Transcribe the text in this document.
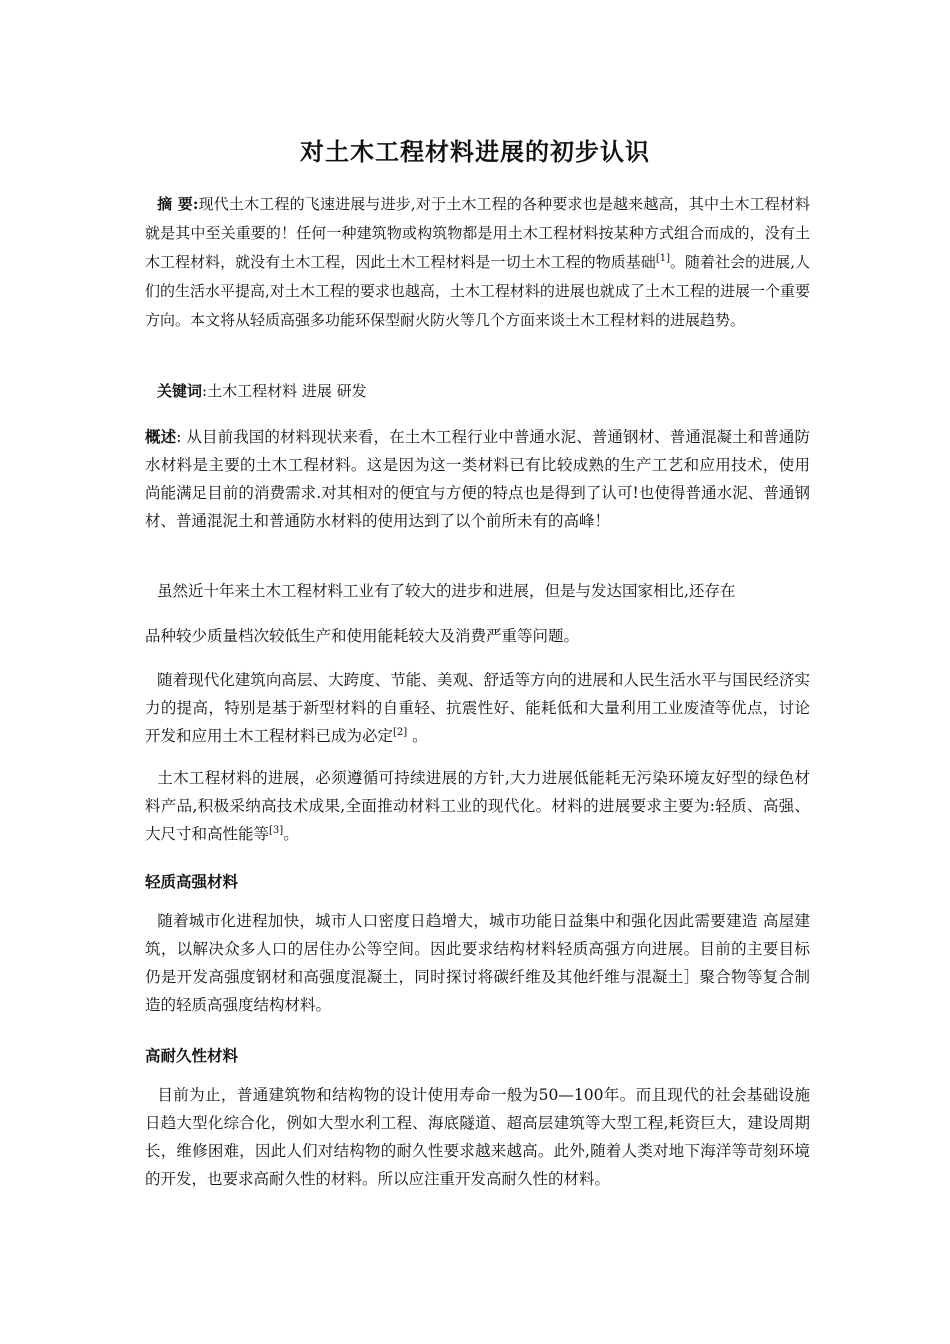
对土木工程材料进展的初步认识

摘 要:现代土木工程的飞速进展与进步,对于土木工程的各种要求也是越来越高，其中土木工程材料就是其中至关重要的！任何一种建筑物或构筑物都是用土木工程材料按某种方式组合而成的，没有土木工程材料，就没有土木工程，因此土木工程材料是一切土木工程的物质基础[1]。随着社会的进展,人们的生活水平提高,对土木工程的要求也越高，土木工程材料的进展也就成了土木工程的进展一个重要方向。本文将从轻质高强多功能环保型耐火防火等几个方面来谈土木工程材料的进展趋势。

关键词:土木工程材料 进展 研发

概述: 从目前我国的材料现状来看，在土木工程行业中普通水泥、普通钢材、普通混凝土和普通防水材料是主要的土木工程材料。这是因为这一类材料已有比较成熟的生产工艺和应用技术，使用尚能满足目前的消费需求.对其相对的便宜与方便的特点也是得到了认可!也使得普通水泥、普通钢材、普通混泥土和普通防水材料的使用达到了以个前所未有的高峰！

虽然近十年来土木工程材料工业有了较大的进步和进展，但是与发达国家相比,还存在

品种较少质量档次较低生产和使用能耗较大及消费严重等问题。

随着现代化建筑向高层、大跨度、节能、美观、舒适等方向的进展和人民生活水平与国民经济实力的提高，特别是基于新型材料的自重轻、抗震性好、能耗低和大量利用工业废渣等优点，讨论开发和应用土木工程材料已成为必定[2] 。

土木工程材料的进展，必须遵循可持续进展的方针,大力进展低能耗无污染环境友好型的绿色材料产品,积极采纳高技术成果,全面推动材料工业的现代化。材料的进展要求主要为:轻质、高强、大尺寸和高性能等[3]。

轻质高强材料

随着城市化进程加快，城市人口密度日趋增大，城市功能日益集中和强化因此需要建造 高屋建筑，以解决众多人口的居住办公等空间。因此要求结构材料轻质高强方向进展。目前的主要目标仍是开发高强度钢材和高强度混凝土，同时探讨将碳纤维及其他纤维与混凝土］聚合物等复合制造的轻质高强度结构材料。

高耐久性材料

目前为止，普通建筑物和结构物的设计使用寿命一般为50—100年。而且现代的社会基础设施日趋大型化综合化，例如大型水利工程、海底隧道、超高层建筑等大型工程,耗资巨大，建设周期长，维修困难，因此人们对结构物的耐久性要求越来越高。此外,随着人类对地下海洋等苛刻环境的开发，也要求高耐久性的材料。所以应注重开发高耐久性的材料。
